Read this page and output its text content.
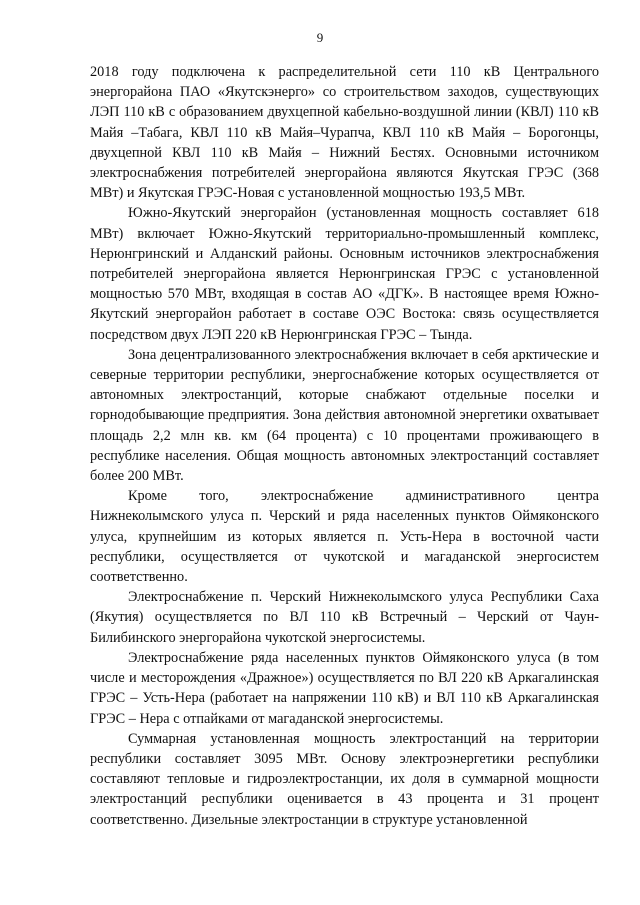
9

2018 году подключена к распределительной сети 110 кВ Центрального энергорайона ПАО «Якутскэнерго» со строительством заходов, существующих ЛЭП 110 кВ с образованием двухцепной кабельно-воздушной линии (КВЛ) 110 кВ Майя –Табага, КВЛ 110 кВ Майя–Чурапча, КВЛ 110 кВ Майя – Борогонцы, двухцепной КВЛ 110 кВ Майя – Нижний Бестях. Основными источником электроснабжения потребителей энергорайона являются Якутская ГРЭС (368 МВт) и Якутская ГРЭС-Новая с установленной мощностью 193,5 МВт.

Южно-Якутский энергорайон (установленная мощность составляет 618 МВт) включает Южно-Якутский территориально-промышленный комплекс, Нерюнгринский и Алданский районы. Основным источников электроснабжения потребителей энергорайона является Нерюнгринская ГРЭС с установленной мощностью 570 МВт, входящая в состав АО «ДГК». В настоящее время Южно-Якутский энергорайон работает в составе ОЭС Востока: связь осуществляется посредством двух ЛЭП 220 кВ Нерюнгринская ГРЭС – Тында.

Зона децентрализованного электроснабжения включает в себя арктические и северные территории республики, энергоснабжение которых осуществляется от автономных электростанций, которые снабжают отдельные поселки и горнодобывающие предприятия. Зона действия автономной энергетики охватывает площадь 2,2 млн кв. км (64 процента) с 10 процентами проживающего в республике населения. Общая мощность автономных электростанций составляет более 200 МВт.

Кроме того, электроснабжение административного центра Нижнеколымского улуса п. Черский и ряда населенных пунктов Оймяконского улуса, крупнейшим из которых является п. Усть-Нера в восточной части республики, осуществляется от чукотской и магаданской энергосистем соответственно.

Электроснабжение п. Черский Нижнеколымского улуса Республики Саха (Якутия) осуществляется по ВЛ 110 кВ Встречный – Черский от Чаун-Билибинского энергорайона чукотской энергосистемы.

Электроснабжение ряда населенных пунктов Оймяконского улуса (в том числе и месторождения «Дражное») осуществляется по ВЛ 220 кВ Аркагалинская ГРЭС – Усть-Нера (работает на напряжении 110 кВ) и ВЛ 110 кВ Аркагалинская ГРЭС – Нера с отпайками от магаданской энергосистемы.

Суммарная установленная мощность электростанций на территории республики составляет 3095 МВт. Основу электроэнергетики республики составляют тепловые и гидроэлектростанции, их доля в суммарной мощности электростанций республики оценивается в 43 процента и 31 процент соответственно. Дизельные электростанции в структуре установленной
